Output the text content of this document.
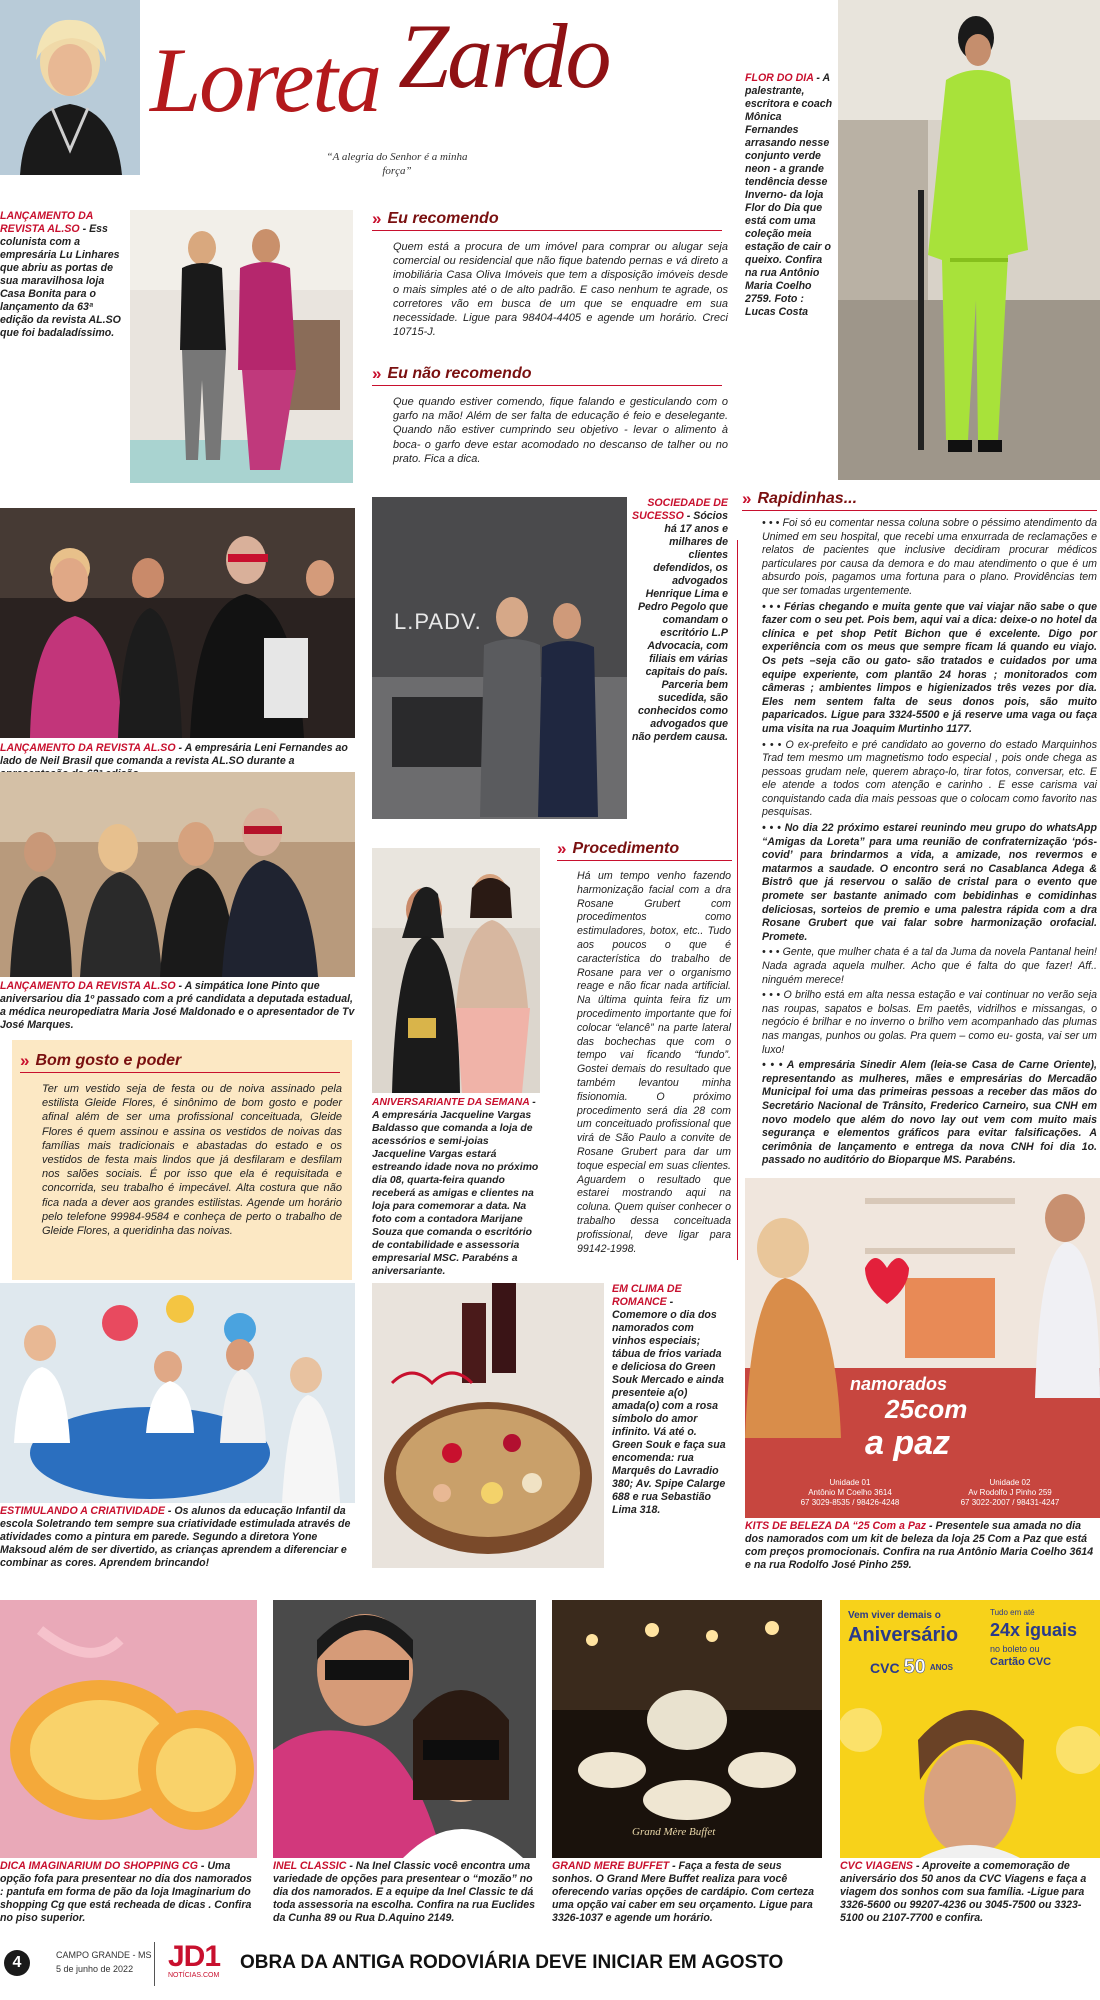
Loreta Zardo
“A alegria do Senhor é a minha força”
FLOR DO DIA - A palestrante, escritora e coach Mônica Fernandes arrasando nesse conjunto verde neon - a grande tendência desse Inverno- da loja Flor do Dia que está com uma coleção meia estação de cair o queixo. Confira na rua Antônio Maria Coelho 2759. Foto : Lucas Costa
LANÇAMENTO DA REVISTA AL.SO - Ess colunista com a empresária Lu Linhares que abriu as portas de sua maravilhosa loja Casa Bonita para o lançamento da 63ª edição da revista AL.SO que foi badaladíssimo.
» Eu recomendo
Quem está a procura de um imóvel para comprar ou alugar seja comercial ou residencial que não fique batendo pernas e vá direto a imobiliária Casa Oliva Imóveis que tem a disposição imóveis desde o mais simples até o de alto padrão. E caso nenhum te agrade, os corretores vão em busca de um que se enquadre em sua necessidade. Ligue para 98404-4405 e agende um horário. Creci 10715-J.
» Eu não recomendo
Que quando estiver comendo, fique falando e gesticulando com o garfo na mão! Além de ser falta de educação é feio e deselegante. Quando não estiver cumprindo seu objetivo - levar o alimento à boca- o garfo deve estar acomodado no descanso de talher ou no prato. Fica a dica.
LANÇAMENTO DA REVISTA AL.SO - A empresária Leni Fernandes ao lado de Neil Brasil que comanda a revista AL.SO durante a
L.PADV.
SOCIEDADE DE SUCESSO - Sócios há 17 anos e milhares de clientes defendidos, os advogados Henrique Lima e Pedro Pegolo que comandam o escritório L.P Advocacia, com filiais em várias capitais do país. Parceria bem sucedida, são conhecidos como advogados que não perdem causa.
» Rapidinhas...

• • • Foi só eu comentar nessa coluna sobre o péssimo atendimento da Unimed em seu hospital, que recebi uma enxurrada de reclamações e relatos de pacientes que inclusive decidiram procurar médicos particulares por causa da demora e do mau atendimento o que é um absurdo pois, pagamos uma fortuna para o plano. Providências tem que ser tomadas urgentemente.

• • • Férias chegando e muita gente que vai viajar não sabe o que fazer com o seu pet. Pois bem, aqui vai a dica: deixe-o no hotel da clínica e pet shop Petit Bichon que é excelente. Digo por experiência com os meus que sempre ficam lá quando eu viajo. Os pets –seja cão ou gato- são tratados e cuidados por uma equipe experiente, com plantão 24 horas ; monitorados com câmeras ; ambientes limpos e higienizados três vezes por dia. Eles nem sentem falta de seus donos pois, são muito paparicados. Ligue para 3324-5500 e já reserve uma vaga ou faça uma visita na rua Joaquim Murtinho 1177.

• • • O ex-prefeito e pré candidato ao governo do estado Marquinhos Trad tem mesmo um magnetismo todo especial , pois onde chega as pessoas grudam nele, querem abraço-lo, tirar fotos, conversar, etc. E ele atende a todos com atenção e carinho . E esse carisma vai conquistando cada dia mais pessoas que o colocam como favorito nas pesquisas.

• • • No dia 22 próximo estarei reunindo meu grupo do whatsApp “Amigas da Loreta” para uma reunião de confraternização ‘pós-covid’ para brindarmos a vida, a amizade, nos revermos e matarmos a saudade. O encontro será no Casablanca Adega & Bistrô que já reservou o salão de cristal para o evento que promete ser bastante animado com bebidinhas e comidinhas deliciosas, sorteios de premio e uma palestra rápida com a dra Rosane Grubert que vai falar sobre harmonização orofacial. Promete.

• • • Gente, que mulher chata é a tal da Juma da novela Pantanal hein! Nada agrada aquela mulher. Acho que é falta do que fazer! Aff.. ninguém merece!

• • • O brilho está em alta nessa estação e vai continuar no verão seja nas roupas, sapatos e bolsas. Em paetês, vidrilhos e missangas, o negócio é brilhar e no inverno o brilho vem acompanhado das plumas nas mangas, punhos ou golas. Pra quem – como eu- gosta, vai ser um luxo!

• • • A empresária Sinedir Alem (leia-se Casa de Carne Oriente), representando as mulheres, mães e empresárias do Mercadão Municipal foi uma das primeiras pessoas a receber das mãos do Secretário Nacional de Trânsito, Frederico Carneiro, sua CNH em novo modelo que além do novo lay out vem com muito mais segurança e elementos gráficos para evitar falsificações. A cerimônia de lançamento e entrega da nova CNH foi dia 1o. passado no auditório do Bioparque MS. Parabéns.

LANÇAMENTO DA REVISTA AL.SO - A simpática Ione Pinto que aniversariou dia 1º passado com a pré candidata a deputada estadual, a médica neuropediatra Maria José Maldonado e o apresentador de Tv José Marques.
» Procedimento
Há um tempo venho fazendo harmonização facial com a dra Rosane Grubert com procedimentos como estimuladores, botox, etc.. Tudo aos poucos o que é característica do trabalho de Rosane para ver o organismo reage e não ficar nada artificial. Na última quinta feira fiz um procedimento importante que foi colocar “elancê” na parte lateral das bochechas que com o tempo vai ficando “fundo”. Gostei demais do resultado que também levantou minha fisionomia. O próximo procedimento será dia 28 com um conceituado profissional que virá de São Paulo a convite de Rosane Grubert para dar um toque especial em suas clientes. Aguardem o resultado que estarei mostrando aqui na coluna. Quem quiser conhecer o trabalho dessa conceituada profissional, deve ligar para 99142-1998.
» Bom gosto e poder
Ter um vestido seja de festa ou de noiva assinado pela estilista Gleide Flores, é sinônimo de bom gosto e poder afinal além de ser uma profissional conceituada, Gleide Flores é quem assinou e assina os vestidos de noivas das famílias mais tradicionais e abastadas do estado e os vestidos de festa mais lindos que já desfilaram e desfilam nos salões sociais. É por isso que ela é requisitada e concorrida, seu trabalho é impecável. Alta costura que não fica nada a dever aos grandes estilistas. Agende um horário pelo telefone 99984-9584 e conheça de perto o trabalho de Gleide Flores, a queridinha das noivas.
ANIVERSARIANTE DA SEMANA - A empresária Jacqueline Vargas Baldasso que comanda a loja de acessórios e semi-joias Jacqueline Vargas estará estreando idade nova no próximo dia 08, quarta-feira quando receberá as amigas e clientes na loja para comemorar a data. Na foto com a contadora Marijane Souza que comanda o escritório de contabilidade e assessoria empresarial MSC. Parabéns a aniversariante.
namorados
25com
a paz
Unidade 01
Antônio M Coelho 3614
67 3029-8535 / 98426-4248
Unidade 02
Av Rodolfo J Pinho 259
67 3022-2007 / 98431-4247
KITS DE BELEZA DA “25 Com a Paz - Presentele sua amada no dia dos namorados com um kit de beleza da loja 25 Com a Paz que está com preços promocionais. Confira na rua Antônio Maria Coelho 3614 e na rua Rodolfo José Pinho 259.
ESTIMULANDO A CRIATIVIDADE - Os alunos da educação Infantil da escola Soletrando tem sempre sua criatividade estimulada através de atividades como a pintura em parede. Segundo a diretora Yone Maksoud além de ser divertido, as crianças aprendem a diferenciar e combinar as cores. Aprendem brincando!
EM CLIMA DE ROMANCE - Comemore o dia dos namorados com vinhos especiais; tábua de frios variada e deliciosa do Green Souk Mercado e ainda presenteie a(o) amada(o) com a rosa símbolo do amor infinito. Vá até o. Green Souk e faça sua encomenda: rua Marquês do Lavradio 380; Av. Spipe Calarge 688 e rua Sebastião Lima 318.
DICA IMAGINARIUM DO SHOPPING CG - Uma opção fofa para presentear no dia dos namorados : pantufa em forma de pão da loja Imaginarium do shopping Cg que está recheada de dicas . Confira no piso superior.
INEL CLASSIC - Na Inel Classic você encontra uma variedade de opções para presentear o “mozão” no dia dos namorados. E a equipe da Inel Classic te dá toda assessoria na escolha. Confira na rua Euclides da Cunha 89 ou Rua D.Aquino 2149.
Grand Mère Buffet
GRAND MERE BUFFET - Faça a festa de seus sonhos. O Grand Mere Buffet realiza para você oferecendo varias opções de cardápio. Com certeza uma opção vai caber em seu orçamento. Ligue para 3326-1037 e agende um horário.
Vem viver demais o
Aniversário
Tudo em até
24x iguais
no boleto ou
Cartão CVC
CVC 50 ANOS
CVC VIAGENS - Aproveite a comemoração de aniversário dos 50 anos da CVC Viagens e faça a viagem dos sonhos com sua família. -Ligue para 3326-5600 ou 99207-4236 ou 3045-7500 ou 3323-5100 ou 2107-7700 e confira.
4	CAMPO GRANDE - MS
5 de junho de 2022 JD1
NOTÍCIAS.COM
OBRA DA ANTIGA RODOVIÁRIA DEVE INICIAR EM AGOSTO
